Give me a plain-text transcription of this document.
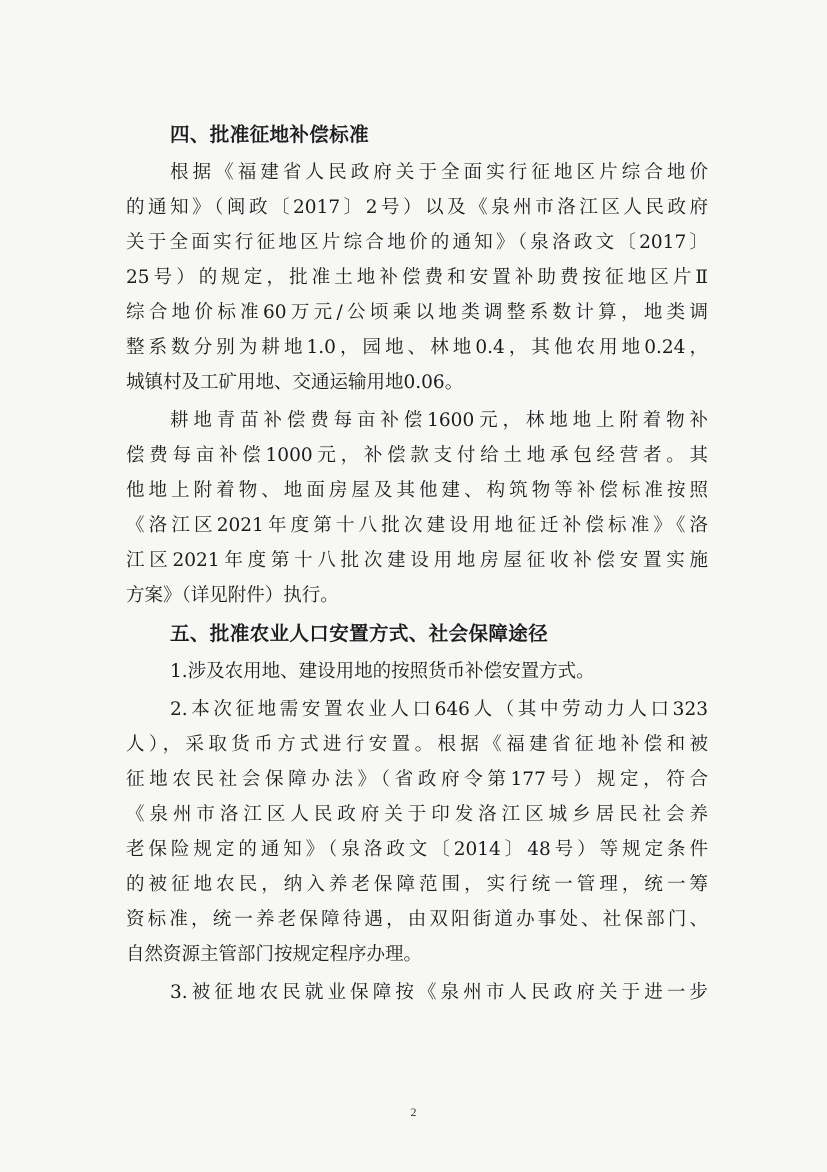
四、批准征地补偿标准
根据《福建省人民政府关于全面实行征地区片综合地价
的通知》（闽政〔2017〕2号）以及《泉州市洛江区人民政府
关于全面实行征地区片综合地价的通知》（泉洛政文〔2017〕
25号）的规定，批准土地补偿费和安置补助费按征地区片Ⅱ
综合地价标准60万元/公顷乘以地类调整系数计算，地类调
整系数分别为耕地1.0，园地、林地0.4，其他农用地0.24，
城镇村及工矿用地、交通运输用地0.06。
耕地青苗补偿费每亩补偿1600元，林地地上附着物补
偿费每亩补偿1000元，补偿款支付给土地承包经营者。其
他地上附着物、地面房屋及其他建、构筑物等补偿标准按照
《洛江区2021年度第十八批次建设用地征迁补偿标准》《洛
江区2021年度第十八批次建设用地房屋征收补偿安置实施
方案》（详见附件）执行。
五、批准农业人口安置方式、社会保障途径
1.涉及农用地、建设用地的按照货币补偿安置方式。
2.本次征地需安置农业人口646人（其中劳动力人口323
人），采取货币方式进行安置。根据《福建省征地补偿和被
征地农民社会保障办法》（省政府令第177号）规定，符合
《泉州市洛江区人民政府关于印发洛江区城乡居民社会养
老保险规定的通知》（泉洛政文〔2014〕48号）等规定条件
的被征地农民，纳入养老保障范围，实行统一管理，统一筹
资标准，统一养老保障待遇，由双阳街道办事处、社保部门、
自然资源主管部门按规定程序办理。
3.被征地农民就业保障按《泉州市人民政府关于进一步
2
